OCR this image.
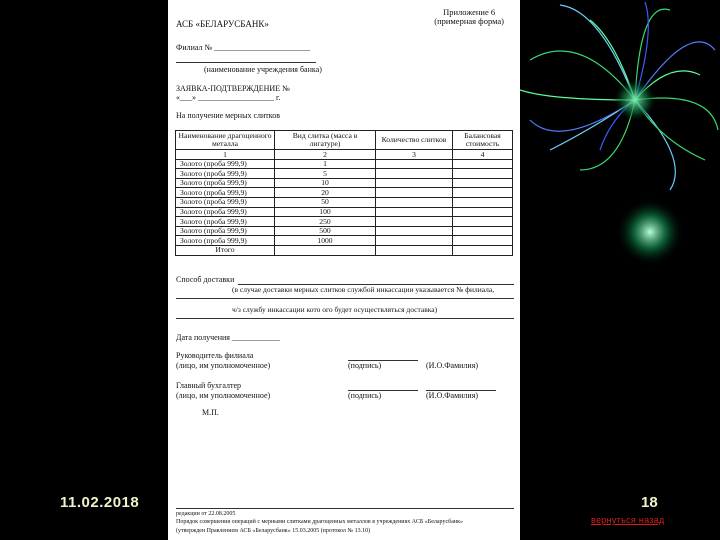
Приложение 6
(примерная форма)
АСБ «БЕЛАРУСБАНК»
Филиал № ________________________
(наименование учреждения банка)
ЗАЯВКА-ПОДТВЕРЖДЕНИЕ №
«___» ___________________ г.
На получение мерных слитков
Наименование драгоценного металла	Вид слитка (масса в лигатуре)	Количество слитков	Балансовая стоимость
1	2	3	4
Золото (проба 999,9)	1		
Золото (проба 999,9)	5		
Золото (проба 999,9)	10		
Золото (проба 999,9)	20		
Золото (проба 999,9)	50		
Золото (проба 999,9)	100		
Золото (проба 999,9)	250		
Золото (проба 999,9)	500		
Золото (проба 999,9)	1000		
Итого			
Способ доставки
(в случае доставки мерных слитков службой инкассации указывается № филиала,
ч/з службу инкассации кото ого будет осуществляться доставка)
Дата получения ____________
Руководитель филиала
(лицо, им уполномоченное)	(подпись)	(И.О.Фамилия)
Главный бухгалтер
(лицо, им уполномоченное)	(подпись)	(И.О.Фамилия)
М.П.
редакции от 22.08.2005
Порядок совершения операций с мерными слитками драгоценных металлов в учреждениях АСБ «Беларусбанк»
(утвержден Правлением АСБ «Беларусбанк» 15.03.2005 (протокол № 13.10)
11.02.2018	18
вернуться назад
